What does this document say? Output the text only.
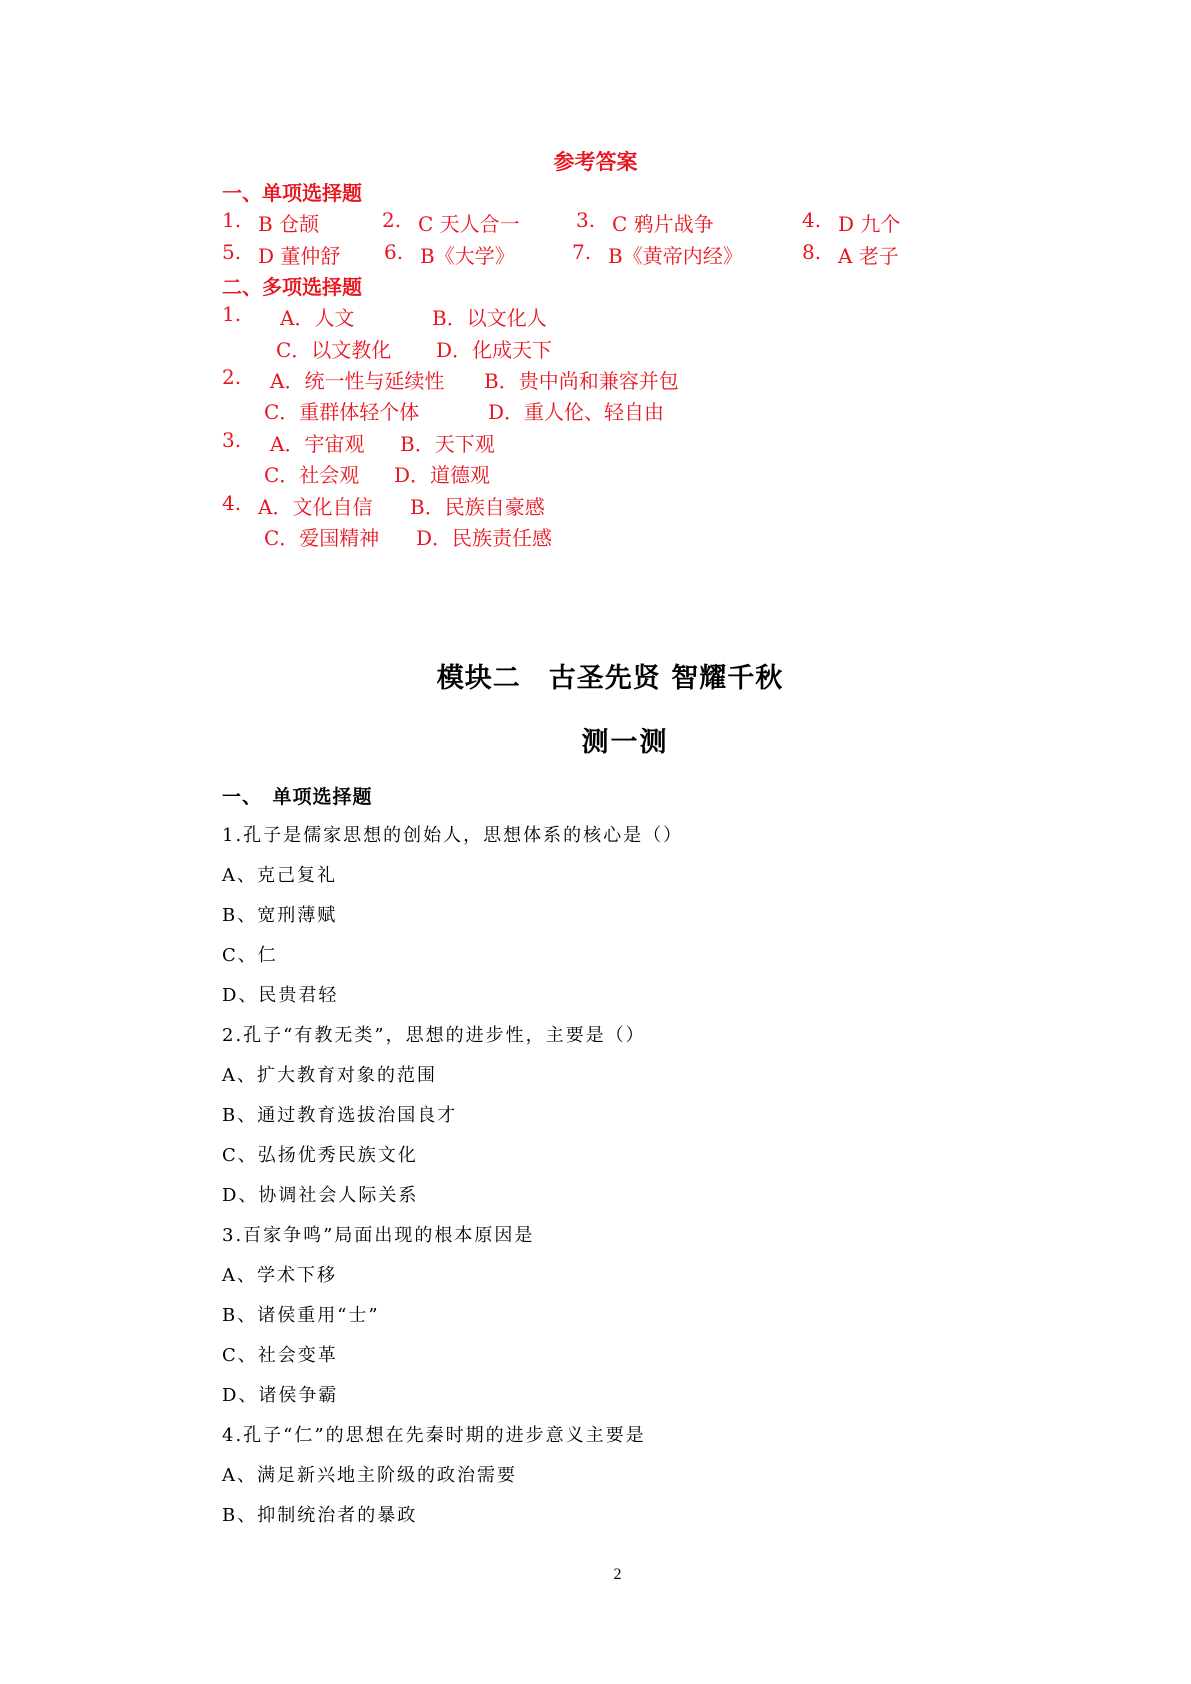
参考答案
一、单项选择题
1. B 仓颉	2. C 天人合一	3. C 鸦片战争	4. D 九个
5. D 董仲舒 6. B《大学》	7. B《黄帝内经》	8. A 老子
二、多项选择题
1. A．人文	B．以文化人
C．以文教化 D．化成天下
2. A．统一性与延续性 B．贵中尚和兼容并包
C．重群体轻个体	D．重人伦、轻自由
3. A．宇宙观 B．天下观
C．社会观 D．道德观
4. A．文化自信 B．民族自豪感
C．爱国精神 D．民族责任感
模块二　古圣先贤 智耀千秋
测一测
一、　单项选择题
1.孔子是儒家思想的创始人，思想体系的核心是（）
A、克己复礼
B、宽刑薄赋
C、仁
D、民贵君轻
2.孔子“有教无类”，思想的进步性，主要是（）
A、扩大教育对象的范围
B、通过教育选拔治国良才
C、弘扬优秀民族文化
D、协调社会人际关系
3.百家争鸣”局面出现的根本原因是
A、学术下移
B、诸侯重用“士”
C、社会变革
D、诸侯争霸
4.孔子“仁”的思想在先秦时期的进步意义主要是
A、满足新兴地主阶级的政治需要
B、抑制统治者的暴政
2
